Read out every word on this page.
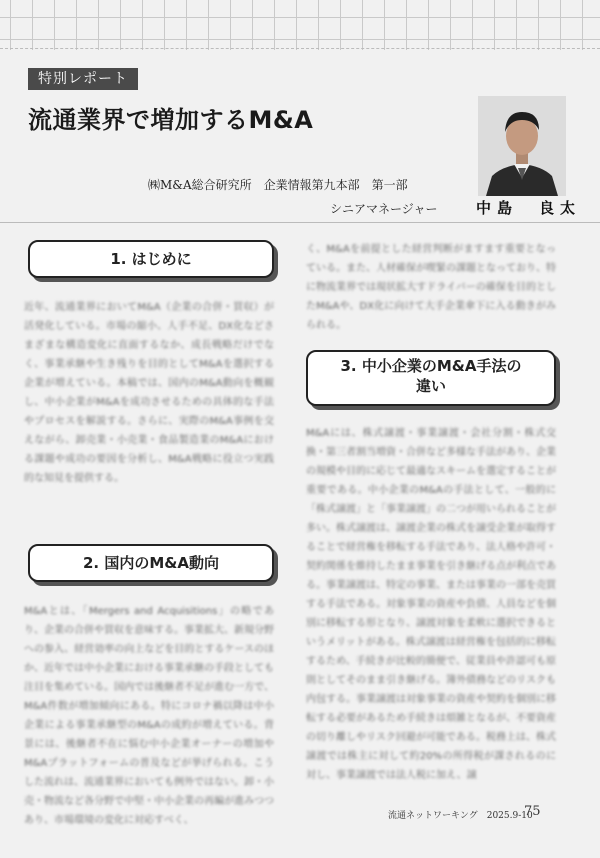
特別レポート
流通業界で増加するM&A
㈱M&A総合研究所　企業情報第九本部　第一部
シニアマネージャー	中島　良太
1. はじめに

近年、流通業界においてM&A（企業の合併・買収）が活発化している。市場の縮小、人手不足、DX化などさまざまな構造変化に直面するなか、成長戦略だけでなく、事業承継や生き残りを目的としてM&Aを選択する企業が増えている。本稿では、国内のM&A動向を概観し、中小企業がM&Aを成功させるための具体的な手法やプロセスを解説する。さらに、実際のM&A事例を交えながら、卸売業・小売業・食品製造業のM&Aにおける課題や成功の要因を分析し、M&A戦略に役立つ実践的な知見を提供する。

2. 国内のM&A動向

M&Aとは、「Mergers and Acquisitions」の略であり、企業の合併や買収を意味する。事業拡大、新規分野への参入、経営効率の向上などを目的とするケースのほか、近年では中小企業における事業承継の手段としても注目を集めている。国内では後継者不足が進む一方で、M&A件数が増加傾向にある。特にコロナ禍以降は中小企業による事業承継型のM&Aの成約が増えている。背景には、後継者不在に悩む中小企業オーナーの増加やM&Aプラットフォームの普及などが挙げられる。こうした流れは、流通業界においても例外ではない。卸・小売・物流など各分野で中堅・中小企業の再編が進みつつあり、市場環境の変化に対応すべく、

く、M&Aを前提とした経営判断がますます重要となっている。また、人材確保が喫緊の課題となっており、特に物流業界では現状拡大すドライバーの確保を目的としたM&Aや、DX化に向けて大手企業傘下に入る動きがみられる。

3. 中小企業のM&A手法の
違い

M&Aには、株式譲渡・事業譲渡・会社分割・株式交換・第三者割当増資・合併など多様な手法があり、企業の規模や目的に応じて最適なスキームを選定することが重要である。中小企業のM&Aの手法として、一般的に「株式譲渡」と「事業譲渡」の二つが用いられることが多い。株式譲渡は、譲渡企業の株式を譲受企業が取得することで経営権を移転する手法であり、法人格や許可・契約関係を維持したまま事業を引き継げる点が利点である。事業譲渡は、特定の事業、または事業の一部を売買する手法である。対象事業の資産や負債、人員などを個別に移転する形となり、譲渡対象を柔軟に選択できるというメリットがある。株式譲渡は経営権を包括的に移転するため、手続きが比較的簡便で、従業員や許認可も原則としてそのまま引き継げる。簿外債務などのリスクも内包する。事業譲渡は対象事業の資産や契約を個別に移転する必要があるため手続きは煩雑となるが、不要資産の切り離しやリスク回避が可能である。税務上は、株式譲渡では株主に対して約20%の所得税が課されるのに対し、事業譲渡では法人税に加え、譲

流通ネットワーキング　2025.9-10
75
